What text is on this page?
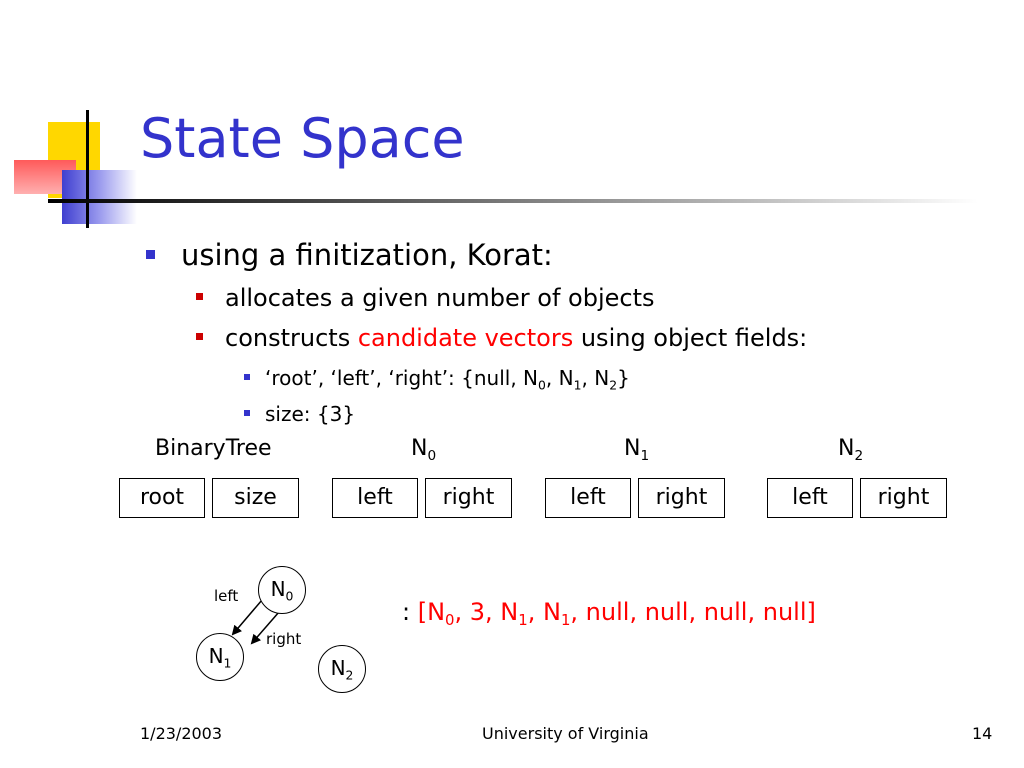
State Space
using a finitization, Korat:
allocates a given number of objects
constructs candidate vectors using object fields:
‘root’, ‘left’, ‘right’: {null, $N_0$, $N_1$, $N_2$}
size: {3}
BinaryTree	$N_0$	$N_1$	$N_2$
root	size	left	right	left	right	left	right
left
right
$N_0$
$N_1$	$N_2$
: [$N_0$, 3, $N_1$, $N_1$, null, null, null, null]
1/23/2003	University of Virginia	14
